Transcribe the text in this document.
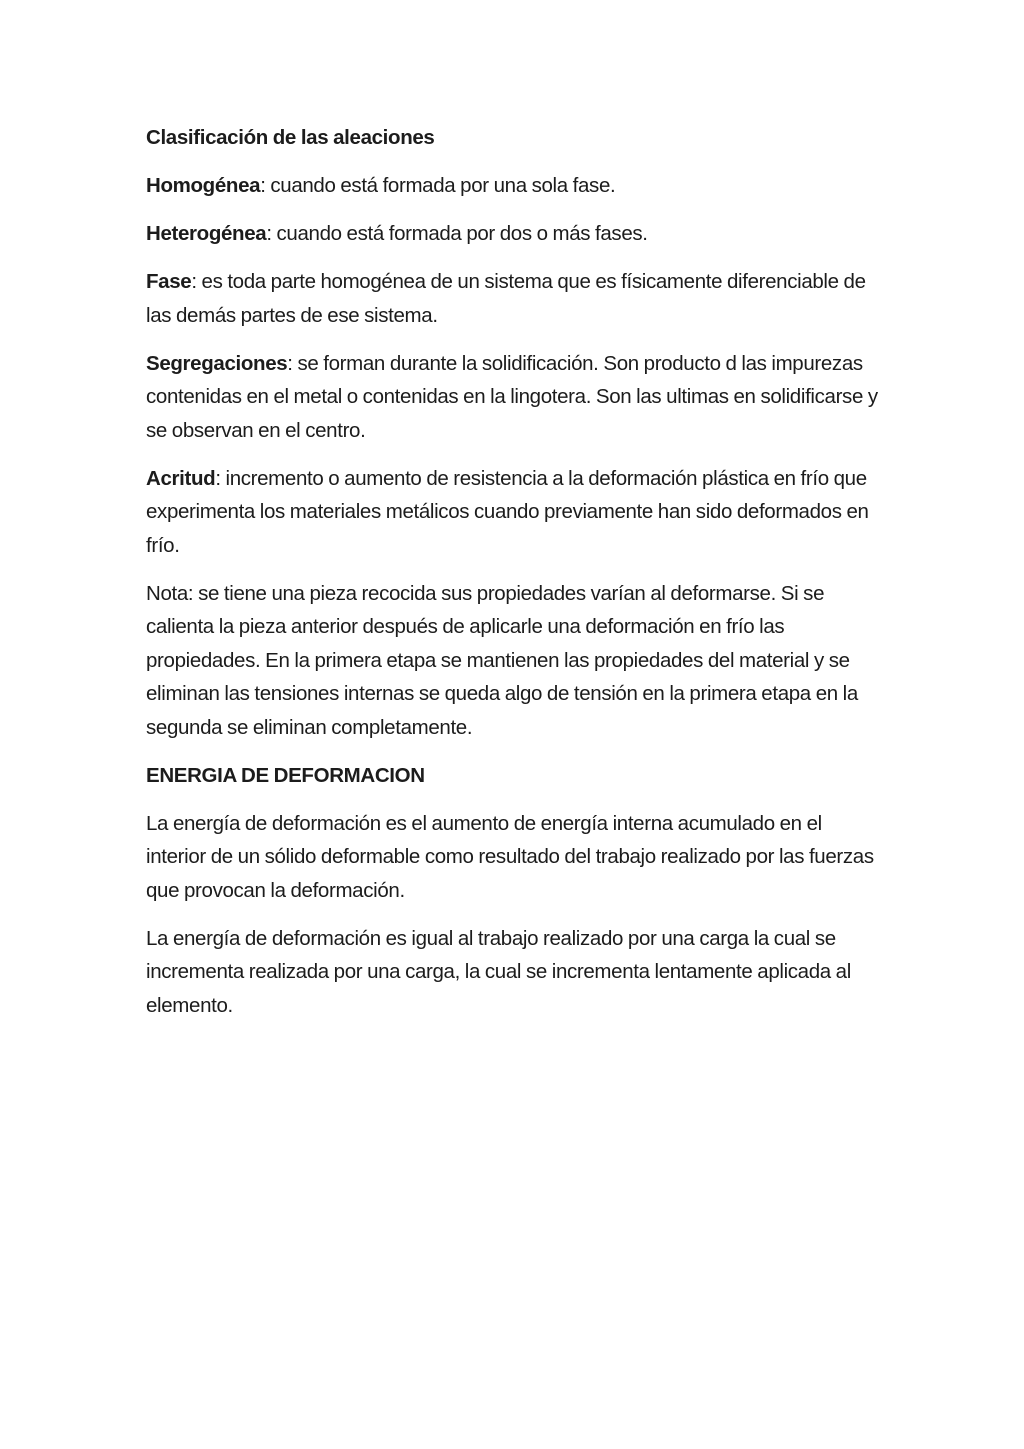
Clasificación de las aleaciones

Homogénea: cuando está formada por una sola fase.

Heterogénea: cuando está formada por dos o más fases.

Fase: es toda parte homogénea de un sistema que es físicamente diferenciable de las demás partes de ese sistema.

Segregaciones: se forman durante la solidificación. Son producto d las impurezas contenidas en el metal o contenidas en la lingotera. Son las ultimas en solidificarse y se observan en el centro.

Acritud: incremento o aumento de resistencia a la deformación plástica en frío que experimenta los materiales metálicos cuando previamente han sido deformados en frío.

Nota: se tiene una pieza recocida sus propiedades varían al deformarse. Si se calienta la pieza anterior después de aplicarle una deformación en frío las propiedades. En la primera etapa se mantienen las propiedades del material y se eliminan las tensiones internas se queda algo de tensión en la primera etapa en la segunda se eliminan completamente.

ENERGIA DE DEFORMACION

La energía de deformación es el aumento de energía interna acumulado en el interior de un sólido deformable como resultado del trabajo realizado por las fuerzas que provocan la deformación.

La energía de deformación es igual al trabajo realizado por una carga la cual se incrementa realizada por una carga, la cual se incrementa lentamente aplicada al elemento.
